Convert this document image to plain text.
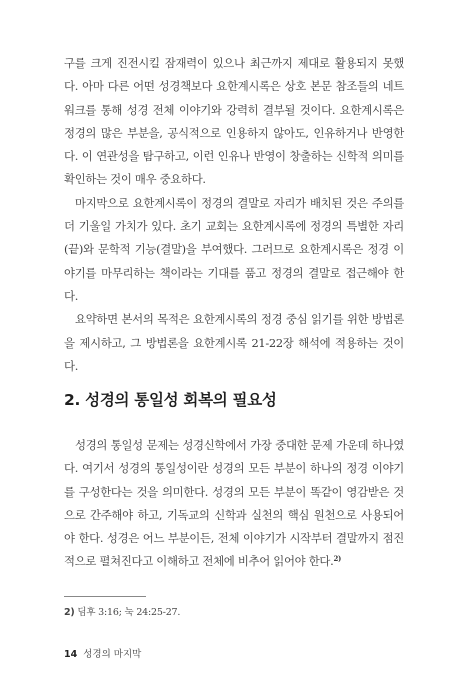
구를 크게 진전시킬 잠재력이 있으나 최근까지 제대로 활용되지 못했다. 아마 다른 어떤 성경책보다 요한계시록은 상호 본문 참조들의 네트워크를 통해 성경 전체 이야기와 강력히 결부될 것이다. 요한계시록은 정경의 많은 부분을, 공식적으로 인용하지 않아도, 인유하거나 반영한다. 이 연관성을 탐구하고, 이런 인유나 반영이 창출하는 신학적 의미를 확인하는 것이 매우 중요하다.

마지막으로 요한계시록이 정경의 결말로 자리가 배치된 것은 주의를 더 기울일 가치가 있다. 초기 교회는 요한계시록에 정경의 특별한 자리(끝)와 문학적 기능(결말)을 부여했다. 그러므로 요한계시록은 정경 이야기를 마무리하는 책이라는 기대를 품고 정경의 결말로 접근해야 한다.

요약하면 본서의 목적은 요한계시록의 정경 중심 읽기를 위한 방법론을 제시하고, 그 방법론을 요한계시록 21-22장 해석에 적용하는 것이다.

2. 성경의 통일성 회복의 필요성

성경의 통일성 문제는 성경신학에서 가장 중대한 문제 가운데 하나였다. 여기서 성경의 통일성이란 성경의 모든 부분이 하나의 정경 이야기를 구성한다는 것을 의미한다. 성경의 모든 부분이 똑같이 영감받은 것으로 간주해야 하고, 기독교의 신학과 실천의 핵심 원천으로 사용되어야 한다. 성경은 어느 부분이든, 전체 이야기가 시작부터 결말까지 점진적으로 펼쳐진다고 이해하고 전체에 비추어 읽어야 한다.$^{2)}$

2) 딤후 3:16; 눅 24:25-27.

14 성경의 마지막
